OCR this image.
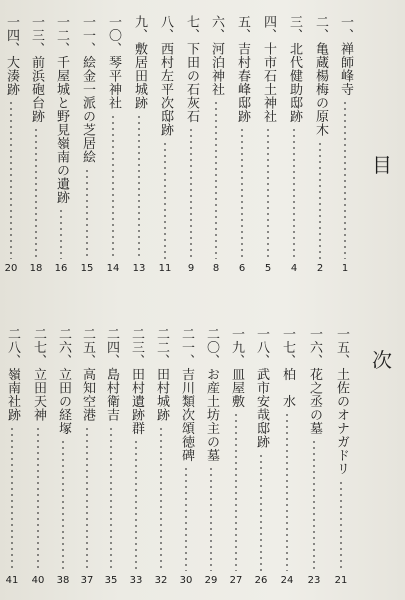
目
次
一、禅師峰寺
1
二、亀蔵楊梅の原木
2
三、北代健助邸跡
4
四、十市石土神社
5
五、吉村春峰邸跡
6
六、河泊神社
8
七、下田の石灰石
9
八、西村左平次邸跡
11
九、敷居田城跡
13
一〇、琴平神社
14
一一、絵金一派の芝居絵
15
一二、千屋城と野見嶺南の遺跡
16
一三、前浜砲台跡
18
一四、大湊跡
20
一五、土佐のオナガドリ
21
一六、花之丞の墓
23
一七、柏　水
24
一八、武市安哉邸跡
26
一九、皿屋敷
27
二〇、お産土坊主の墓
29
二一、吉川類次頌徳碑
30
二二、田村城跡
32
二三、田村遺跡群
33
二四、島村衛吉
35
二五、高知空港
37
二六、立田の経塚
38
二七、立田天神
40
二八、嶺南社跡
41
